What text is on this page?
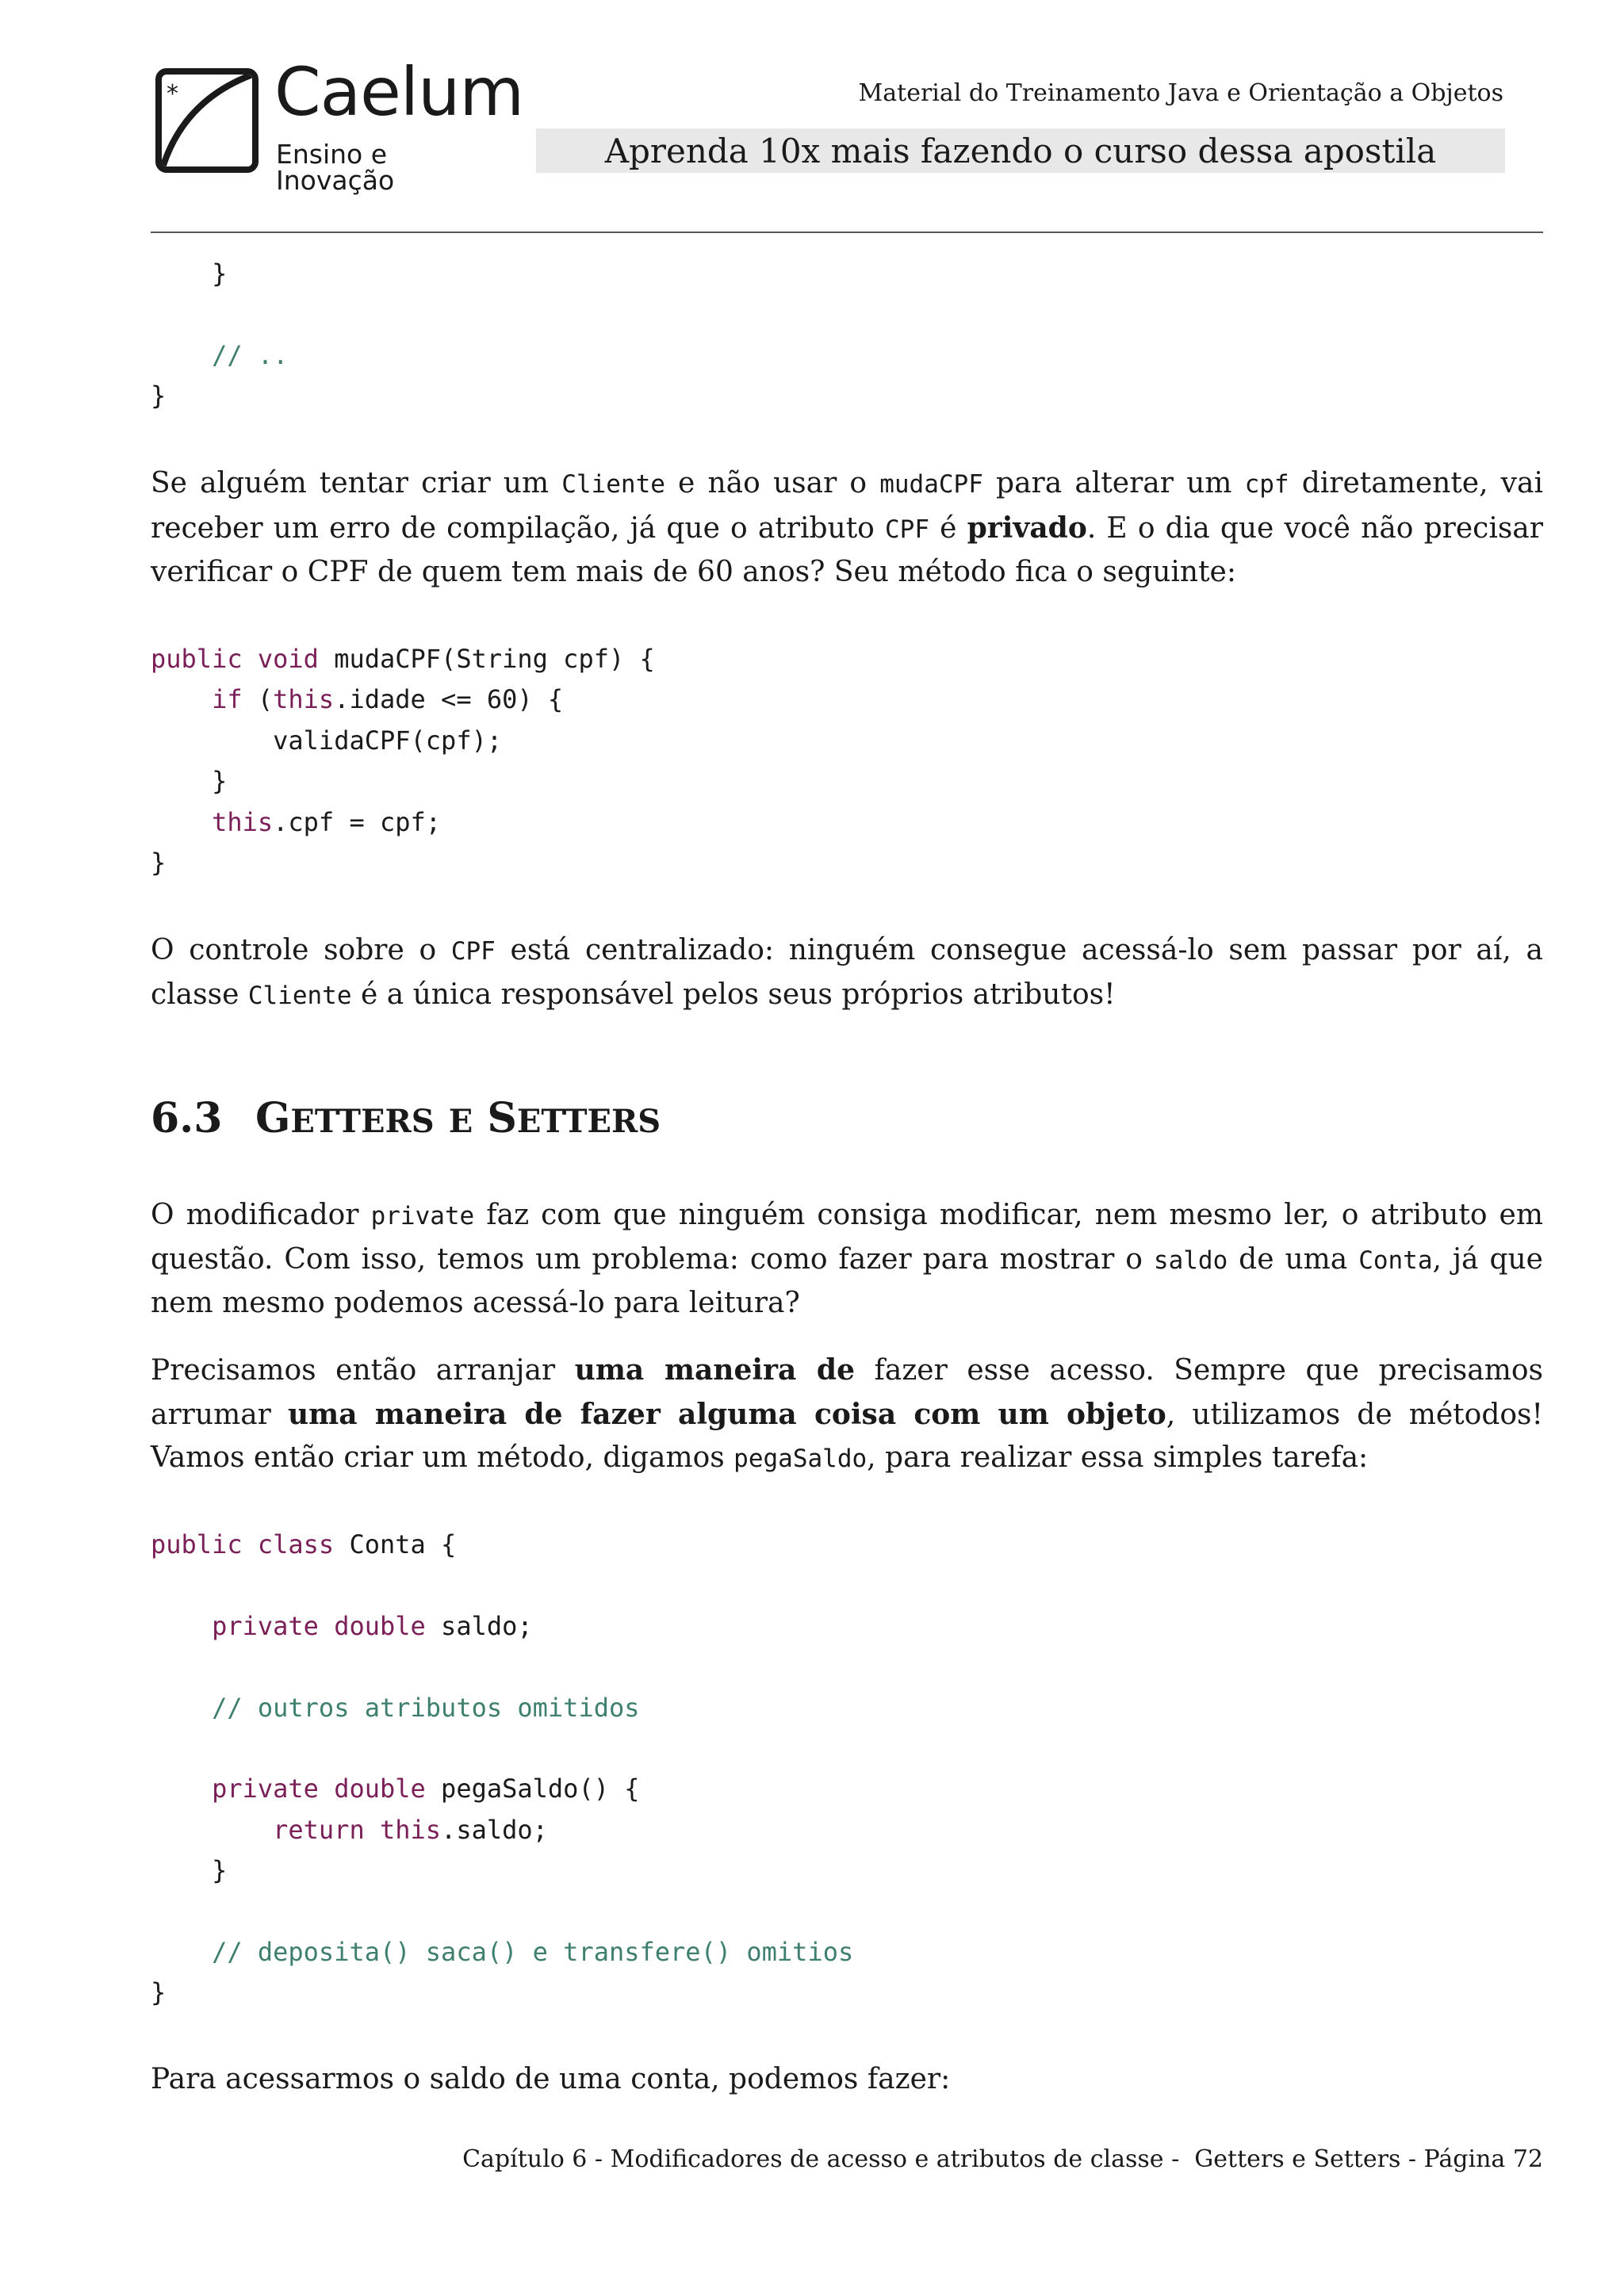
* Caelum
Ensino e Inovação
Material do Treinamento Java e Orientação a Objetos
Aprenda 10x mais fazendo o curso dessa apostila
}
// ..
}
Se alguém tentar criar um Cliente e não usar o mudaCPF para alterar um cpf diretamente, vai receber um erro de compilação, já que o atributo CPF é privado. E o dia que você não precisar verificar o CPF de quem tem mais de 60 anos? Seu método fica o seguinte:
public void mudaCPF(String cpf) {
if (this.idade <= 60) {
validaCPF(cpf);
}
this.cpf = cpf;
}
O controle sobre o CPF está centralizado: ninguém consegue acessá-lo sem passar por aí, a classe Cliente é a única responsável pelos seus próprios atributos!
6.3 GETTERS E SETTERS
O modificador private faz com que ninguém consiga modificar, nem mesmo ler, o atributo em questão. Com isso, temos um problema: como fazer para mostrar o saldo de uma Conta, já que nem mesmo podemos acessá-lo para leitura?
Precisamos então arranjar uma maneira de fazer esse acesso. Sempre que precisamos arrumar uma maneira de fazer alguma coisa com um objeto, utilizamos de métodos! Vamos então criar um método, digamos pegaSaldo, para realizar essa simples tarefa:
public class Conta {
private double saldo;
// outros atributos omitidos
private double pegaSaldo() {
return this.saldo;
}
// deposita() saca() e transfere() omitios
}
Para acessarmos o saldo de uma conta, podemos fazer:
Capítulo 6 - Modificadores de acesso e atributos de classe -  Getters e Setters - Página 72
